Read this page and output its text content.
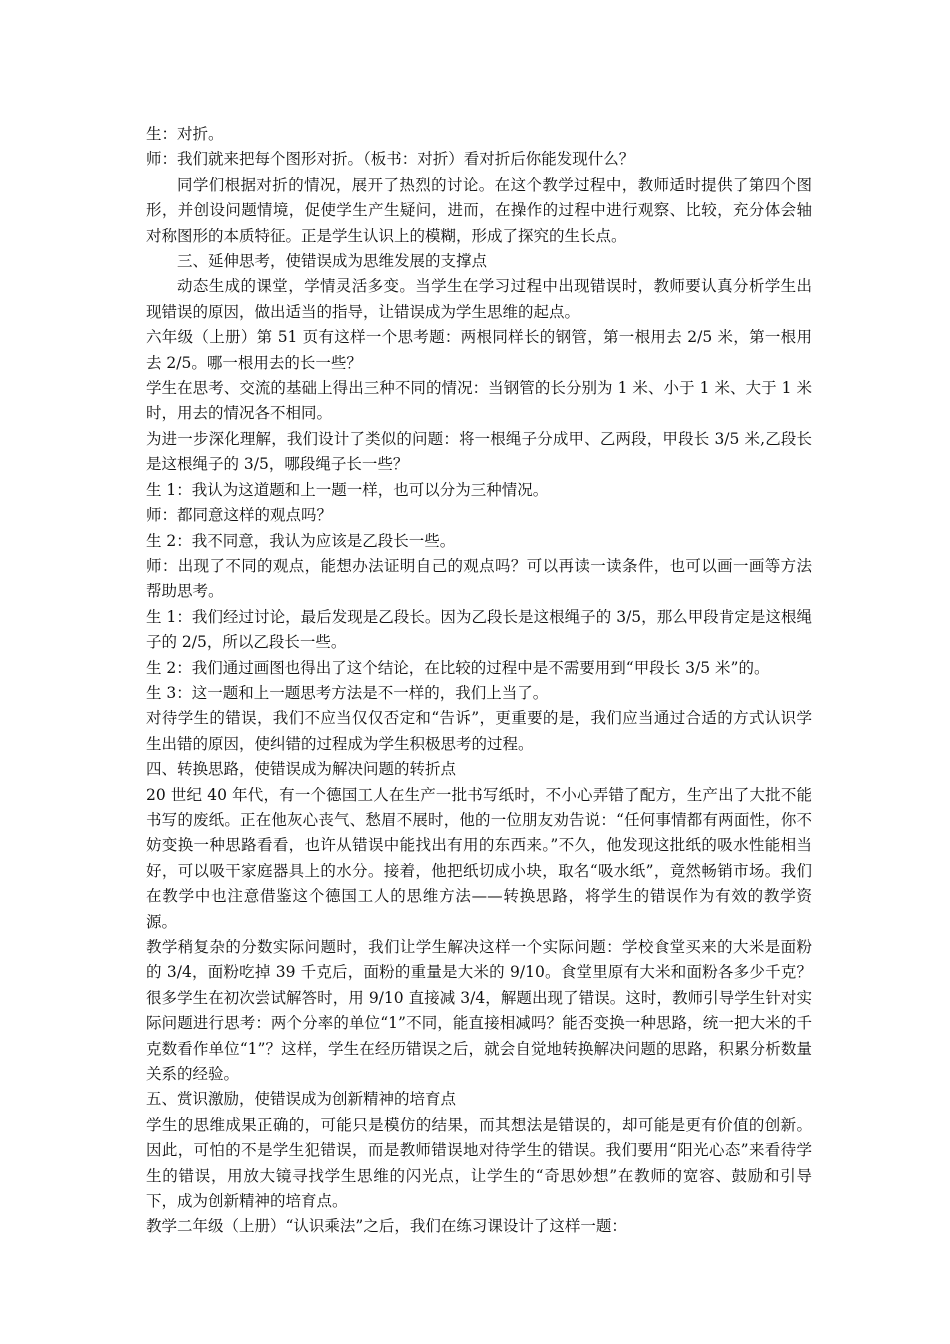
生：对折。

师：我们就来把每个图形对折。（板书：对折）看对折后你能发现什么？

同学们根据对折的情况，展开了热烈的讨论。在这个教学过程中，教师适时提供了第四个图形，并创设问题情境，促使学生产生疑问，进而，在操作的过程中进行观察、比较，充分体会轴对称图形的本质特征。正是学生认识上的模糊，形成了探究的生长点。

三、延伸思考，使错误成为思维发展的支撑点

动态生成的课堂，学情灵活多变。当学生在学习过程中出现错误时，教师要认真分析学生出现错误的原因，做出适当的指导，让错误成为学生思维的起点。

六年级（上册）第 51 页有这样一个思考题：两根同样长的钢管，第一根用去 2/5 米，第一根用去 2/5。哪一根用去的长一些？

学生在思考、交流的基础上得出三种不同的情况：当钢管的长分别为 1 米、小于 1 米、大于 1 米时，用去的情况各不相同。

为进一步深化理解，我们设计了类似的问题：将一根绳子分成甲、乙两段，甲段长 3/5 米,乙段长是这根绳子的 3/5，哪段绳子长一些？

生 1：我认为这道题和上一题一样，也可以分为三种情况。

师：都同意这样的观点吗？

生 2：我不同意，我认为应该是乙段长一些。

师：出现了不同的观点，能想办法证明自己的观点吗？可以再读一读条件，也可以画一画等方法帮助思考。

生 1：我们经过讨论，最后发现是乙段长。因为乙段长是这根绳子的 3/5，那么甲段肯定是这根绳子的 2/5，所以乙段长一些。

生 2：我们通过画图也得出了这个结论，在比较的过程中是不需要用到“甲段长 3/5 米”的。

生 3：这一题和上一题思考方法是不一样的，我们上当了。

对待学生的错误，我们不应当仅仅否定和“告诉”，更重要的是，我们应当通过合适的方式认识学生出错的原因，使纠错的过程成为学生积极思考的过程。

四、转换思路，使错误成为解决问题的转折点

20 世纪 40 年代，有一个德国工人在生产一批书写纸时，不小心弄错了配方，生产出了大批不能书写的废纸。正在他灰心丧气、愁眉不展时，他的一位朋友劝告说：“任何事情都有两面性，你不妨变换一种思路看看，也许从错误中能找出有用的东西来。”不久，他发现这批纸的吸水性能相当好，可以吸干家庭器具上的水分。接着，他把纸切成小块，取名“吸水纸”，竟然畅销市场。我们在教学中也注意借鉴这个德国工人的思维方法——转换思路，将学生的错误作为有效的教学资源。

教学稍复杂的分数实际问题时，我们让学生解决这样一个实际问题：学校食堂买来的大米是面粉的 3/4，面粉吃掉 39 千克后，面粉的重量是大米的 9/10。食堂里原有大米和面粉各多少千克？很多学生在初次尝试解答时，用 9/10 直接减 3/4，解题出现了错误。这时，教师引导学生针对实际问题进行思考：两个分率的单位“1”不同，能直接相减吗？能否变换一种思路，统一把大米的千克数看作单位“1”？这样，学生在经历错误之后，就会自觉地转换解决问题的思路，积累分析数量关系的经验。

五、赏识激励，使错误成为创新精神的培育点

学生的思维成果正确的，可能只是模仿的结果，而其想法是错误的，却可能是更有价值的创新。因此，可怕的不是学生犯错误，而是教师错误地对待学生的错误。我们要用“阳光心态”来看待学生的错误，用放大镜寻找学生思维的闪光点，让学生的“奇思妙想”在教师的宽容、鼓励和引导下，成为创新精神的培育点。

教学二年级（上册）“认识乘法”之后，我们在练习课设计了这样一题：
